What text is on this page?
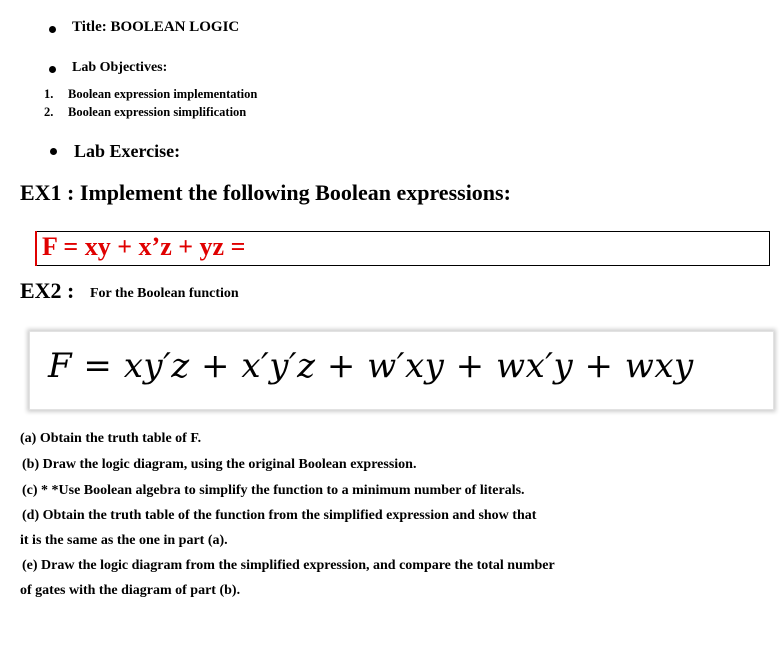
Title: BOOLEAN LOGIC
Lab Objectives:
1. Boolean expression implementation
2. Boolean expression simplification
Lab Exercise:
EX1 : Implement the following Boolean expressions:
F = xy + x’z + yz =
EX2 : For the Boolean function
F = xy′z + x′y′z + w′xy + wx′y + wxy
(a) Obtain the truth table of F.
(b) Draw the logic diagram, using the original Boolean expression.
(c) * *Use Boolean algebra to simplify the function to a minimum number of literals.
(d) Obtain the truth table of the function from the simplified expression and show that
it is the same as the one in part (a).
(e) Draw the logic diagram from the simplified expression, and compare the total number
of gates with the diagram of part (b).
